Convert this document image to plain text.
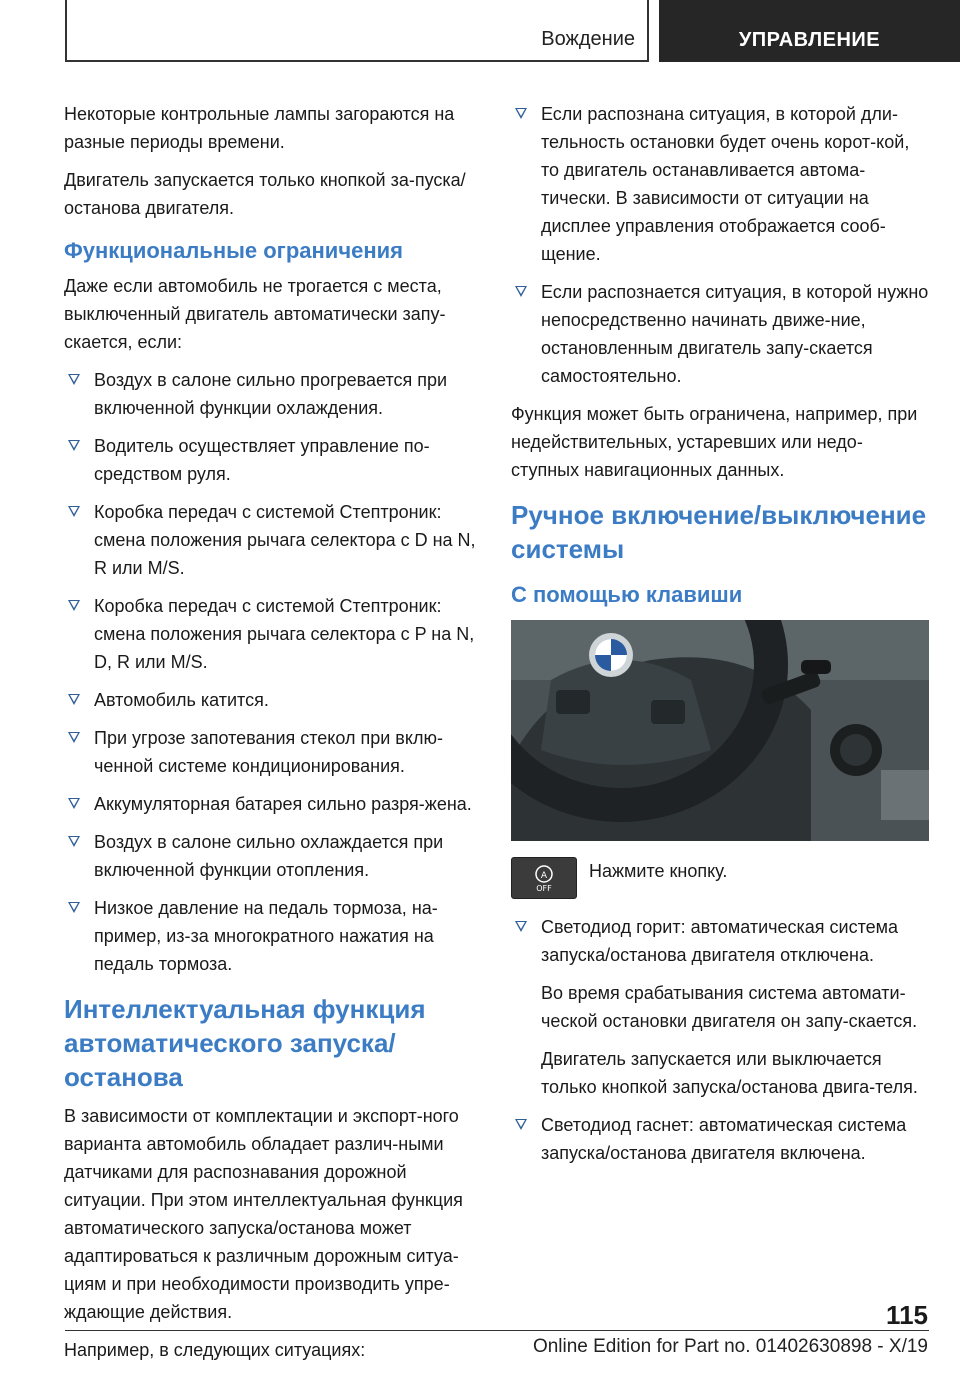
Вождение	УПРАВЛЕНИЕ

Некоторые контрольные лампы загораются на разные периоды времени.

Двигатель запускается только кнопкой за-пуска/останова двигателя.

Функциональные ограничения

Даже если автомобиль не трогается с места, выключенный двигатель автоматически запу-скается, если:

Воздух в салоне сильно прогревается при включенной функции охлаждения.
Водитель осуществляет управление по-средством руля.
Коробка передач с системой Стептроник: смена положения рычага селектора с D на N, R или M/S.
Коробка передач с системой Стептроник: смена положения рычага селектора с P на N, D, R или M/S.
Автомобиль катится.
При угрозе запотевания стекол при вклю-ченной системе кондиционирования.
Аккумуляторная батарея сильно разря-жена.
Воздух в салоне сильно охлаждается при включенной функции отопления.
Низкое давление на педаль тормоза, на-пример, из-за многократного нажатия на педаль тормоза.
Интеллектуальная функция автоматического запуска/останова

В зависимости от комплектации и экспорт-ного варианта автомобиль обладает различ-ными датчиками для распознавания дорожной ситуации. При этом интеллектуальная функция автоматического запуска/останова может адаптироваться к различным дорожным ситуа-циям и при необходимости производить упре-ждающие действия.

Например, в следующих ситуациях:

Если распознана ситуация, в которой дли-тельность остановки будет очень корот-кой, то двигатель останавливается автома-тически. В зависимости от ситуации на дисплее управления отображается сооб-щение.
Если распознается ситуация, в которой нужно непосредственно начинать движе-ние, остановленным двигатель запу-скается самостоятельно.

Функция может быть ограничена, например, при недействительных, устаревших или недо-ступных навигационных данных.

Ручное включение/выключение системы
С помощью клавиши
A
OFF

Нажмите кнопку.

Светодиод горит: автоматическая система запуска/останова двигателя отключена.

Во время срабатывания система автомати-ческой остановки двигателя он запу-скается.

Двигатель запускается или выключается только кнопкой запуска/останова двига-теля.

Светодиод гаснет: автоматическая система запуска/останова двигателя включена.
115
Online Edition for Part no. 01402630898 - X/19
